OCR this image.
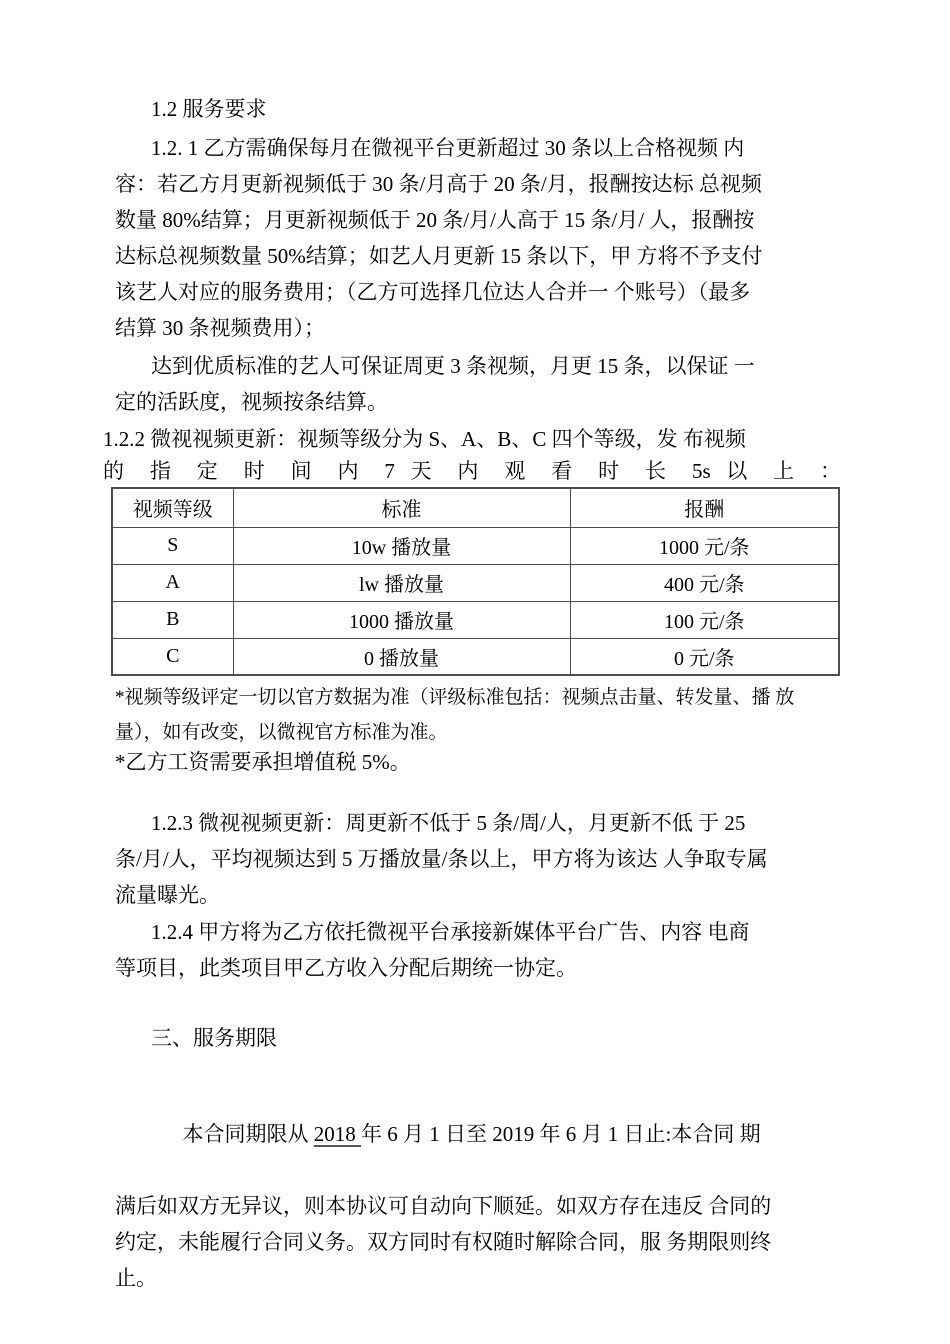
1.2 服务要求
1.2. 1 乙方需确保每月在微视平台更新超过 30 条以上合格视频 内
容：若乙方月更新视频低于 30 条/月高于 20 条/月，报酬按达标 总视频
数量 80%结算；月更新视频低于 20 条/月/人高于 15 条/月/ 人，报酬按
达标总视频数量 50%结算；如艺人月更新 15 条以下，甲 方将不予支付
该艺人对应的服务费用；（乙方可选择几位达人合并一 个账号）（最多
结算 30 条视频费用）；
达到优质标准的艺人可保证周更 3 条视频，月更 15 条，以保证 一
定的活跃度，视频按条结算。
1.2.2 微视视频更新：视频等级分为 S、A、B、C 四个等级，发 布视频
的 指 定 时 间 内 7 天 内 观 看 时 长 5s 以 上 ：
视频等级	标准	报酬
S	10w 播放量	1000 元/条
A	lw 播放量	400 元/条
B	1000 播放量	100 元/条
C	0 播放量	0 元/条
*视频等级评定一切以官方数据为准（评级标准包括：视频点击量、转发量、播 放
量），如有改变，以微视官方标准为准。
*乙方工资需要承担增值税 5%。
1.2.3 微视视频更新：周更新不低于 5 条/周/人，月更新不低 于 25
条/月/人，平均视频达到 5 万播放量/条以上，甲方将为该达 人争取专属
流量曝光。
1.2.4 甲方将为乙方依托微视平台承接新媒体平台广告、内容 电商
等项目，此类项目甲乙方收入分配后期统一协定。
三、服务期限

本合同期限从 2018 年 6 月 1 日至 2019 年 6 月 1 日止:本合同 期

满后如双方无异议，则本协议可自动向下顺延。如双方存在违反 合同的
约定，未能履行合同义务。双方同时有权随时解除合同，服 务期限则终
止。
